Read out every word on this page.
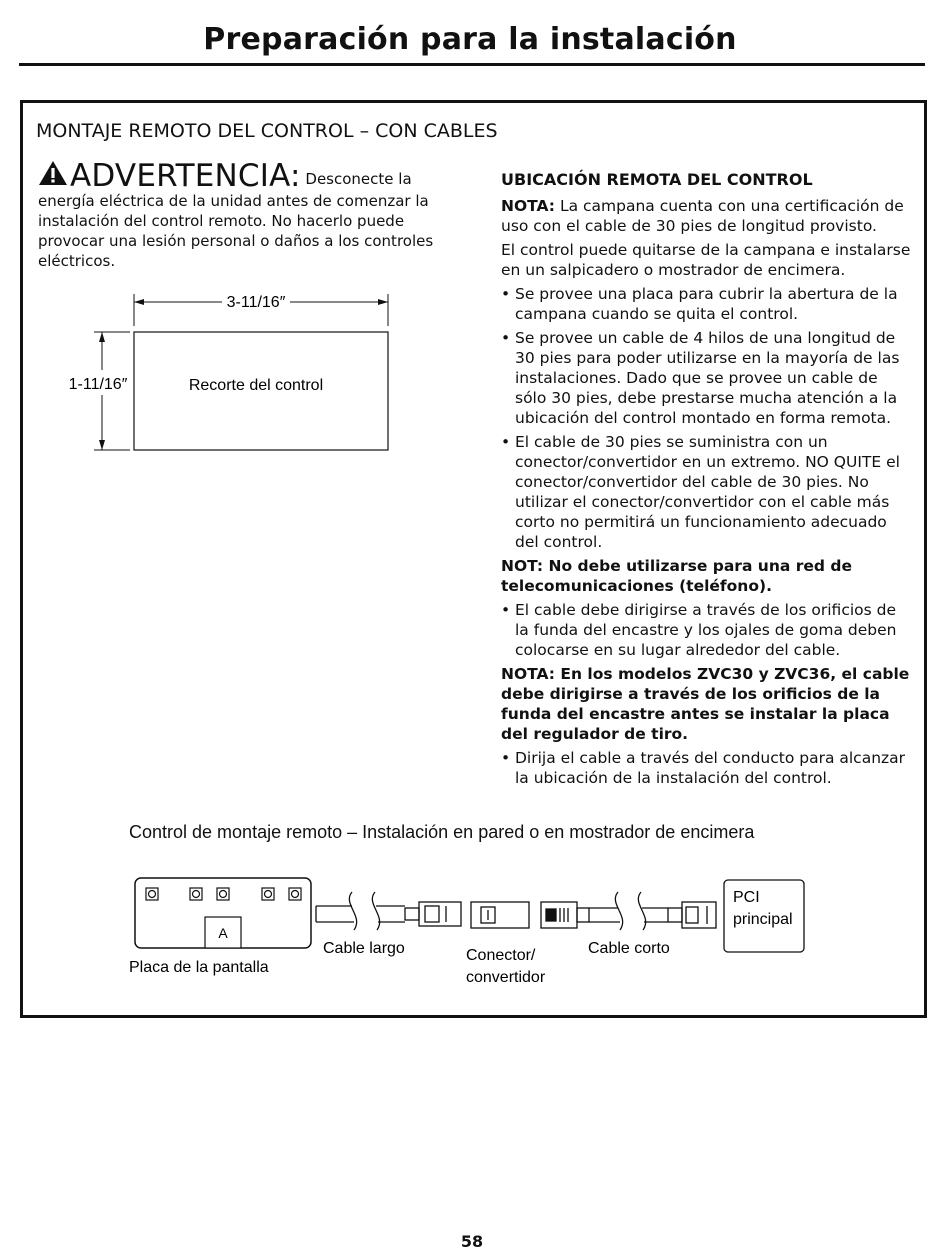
Preparación para la instalación
MONTAJE REMOTO DEL CONTROL – CON CABLES
ADVERTENCIA: Desconecte la energía eléctrica de la unidad antes de comenzar la instalación del control remoto. No hacerlo puede provocar una lesión personal o daños a los controles eléctricos.
3-11/16″
1-11/16″	Recorte del control

UBICACIÓN REMOTA DEL CONTROL

NOTA: La campana cuenta con una certificación de uso con el cable de 30 pies de longitud provisto.

El control puede quitarse de la campana e instalarse en un salpicadero o mostrador de encimera.

• Se provee una placa para cubrir la abertura de la campana cuando se quita el control.
• Se provee un cable de 4 hilos de una longitud de 30 pies para poder utilizarse en la mayoría de las instalaciones. Dado que se provee un cable de sólo 30 pies, debe prestarse mucha atención a la ubicación del control montado en forma remota.
• El cable de 30 pies se suministra con un conector/convertidor en un extremo. NO QUITE el conector/convertidor del cable de 30 pies. No utilizar el conector/convertidor con el cable más corto no permitirá un funcionamiento adecuado del control.

NOT: No debe utilizarse para una red de telecomunicaciones (teléfono).

• El cable debe dirigirse a través de los orificios de la funda del encastre y los ojales de goma deben colocarse en su lugar alrededor del cable.

NOTA: En los modelos ZVC30 y ZVC36, el cable debe dirigirse a través de los orificios de la funda del encastre antes se instalar la placa del regulador de tiro.

• Dirija el cable a través del conducto para alcanzar la ubicación de la instalación del control.
Control de montaje remoto – Instalación en pared o en mostrador de encimera
A
Placa de la pantalla
Cable largo	Conector/
convertidor
Cable corto
PCI
principal
58
